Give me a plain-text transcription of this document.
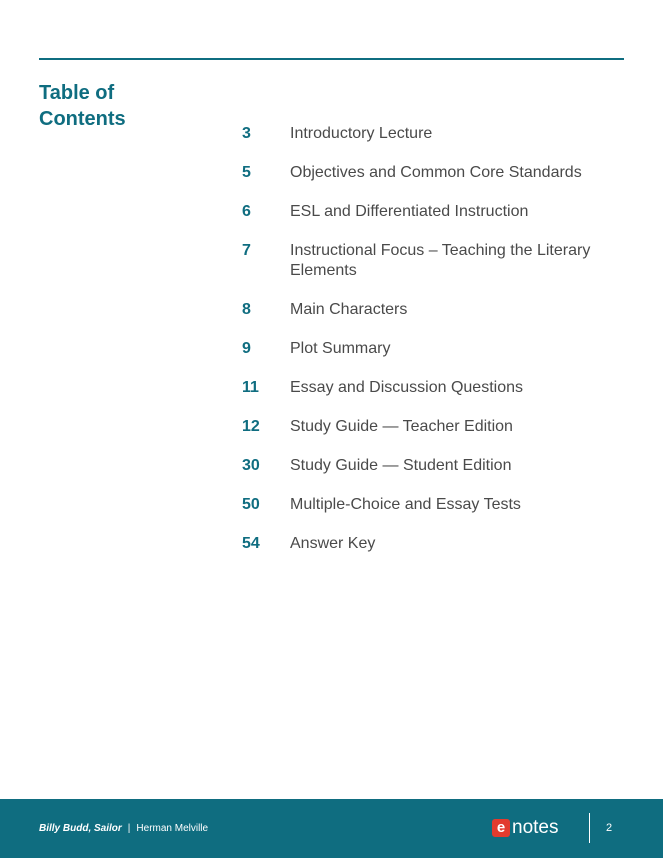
Table of Contents
3	Introductory Lecture
5	Objectives and Common Core Standards
6	ESL and Differentiated Instruction
7	Instructional Focus – Teaching the Literary Elements
8	Main Characters
9	Plot Summary
11	Essay and Discussion Questions
12	Study Guide — Teacher Edition
30	Study Guide — Student Edition
50	Multiple-Choice and Essay Tests
54	Answer Key
Billy Budd, Sailor | Herman Melville	e notes	2
